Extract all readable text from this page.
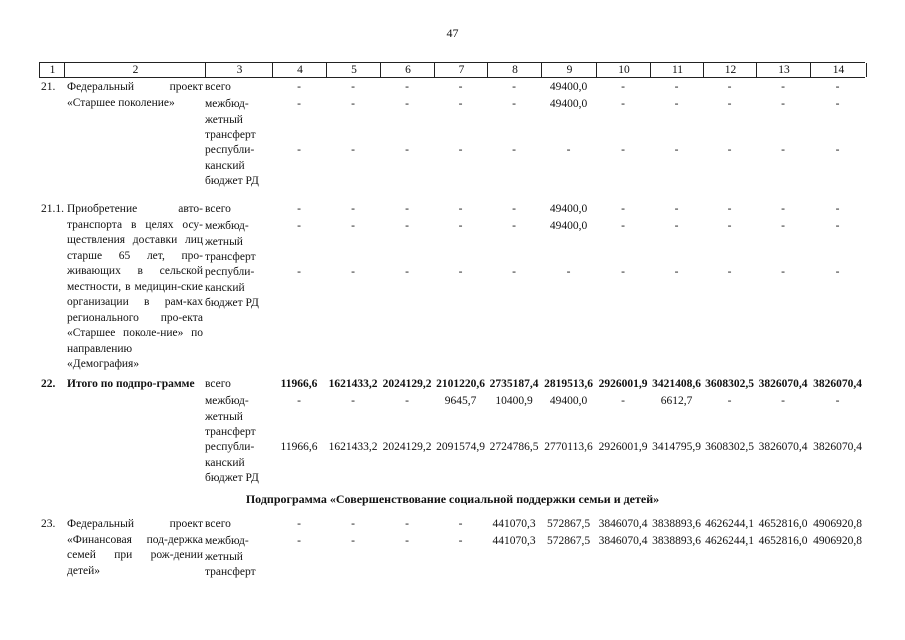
47
1	2	3	4	5	6	7	8	9	10	11	12	13	14
21. Федеральный проект «Старшее поколение»
всего	-	-	-	-	-	49400,0	-	-	-	-	-
межбюд-
жетный
трансферт
-	-	-	-	-	49400,0	-	-	-	-	-
республи-
канский
бюджет РД
-	-	-	-	-	-	-	-	-	-	-
21.1. Приобретение авто-транспорта в целях осу-ществления доставки лиц старше 65 лет, про-живающих в сельской местности, в медицин-ские организации в рам-ках регионального про-екта «Старшее поколе-ние» по направлению «Демография»
всего	-	-	-	-	-	49400,0	-	-	-	-	-
межбюд-
жетный
трансферт
-	-	-	-	-	49400,0	-	-	-	-	-
республи-
канский
бюджет РД
-	-	-	-	-	-	-	-	-	-	-
22. Итого по подпро-грамме всего	11966,6 1621433,2 2024129,2 2101220,6 2735187,4 2819513,6 2926001,9 3421408,6 3608302,5 3826070,4 3826070,4
межбюд-
жетный
трансферт
-	-	-	9645,7	10400,9	49400,0	-	6612,7	-	-	-
республи-
канский
бюджет РД
11966,6 1621433,2 2024129,2 2091574,9 2724786,5 2770113,6 2926001,9 3414795,9 3608302,5 3826070,4 3826070,4
23. Федеральный проект «Финансовая под-держка семей при рож-дении детей»
всего	-	-	-	-	441070,3 572867,5 3846070,4 3838893,6 4626244,1 4652816,0 4906920,8
межбюд-
жетный
трансферт
-	-	-	-	441070,3 572867,5 3846070,4 3838893,6 4626244,1 4652816,0 4906920,8
Подпрограмма «Совершенствование социальной поддержки семьи и детей»
